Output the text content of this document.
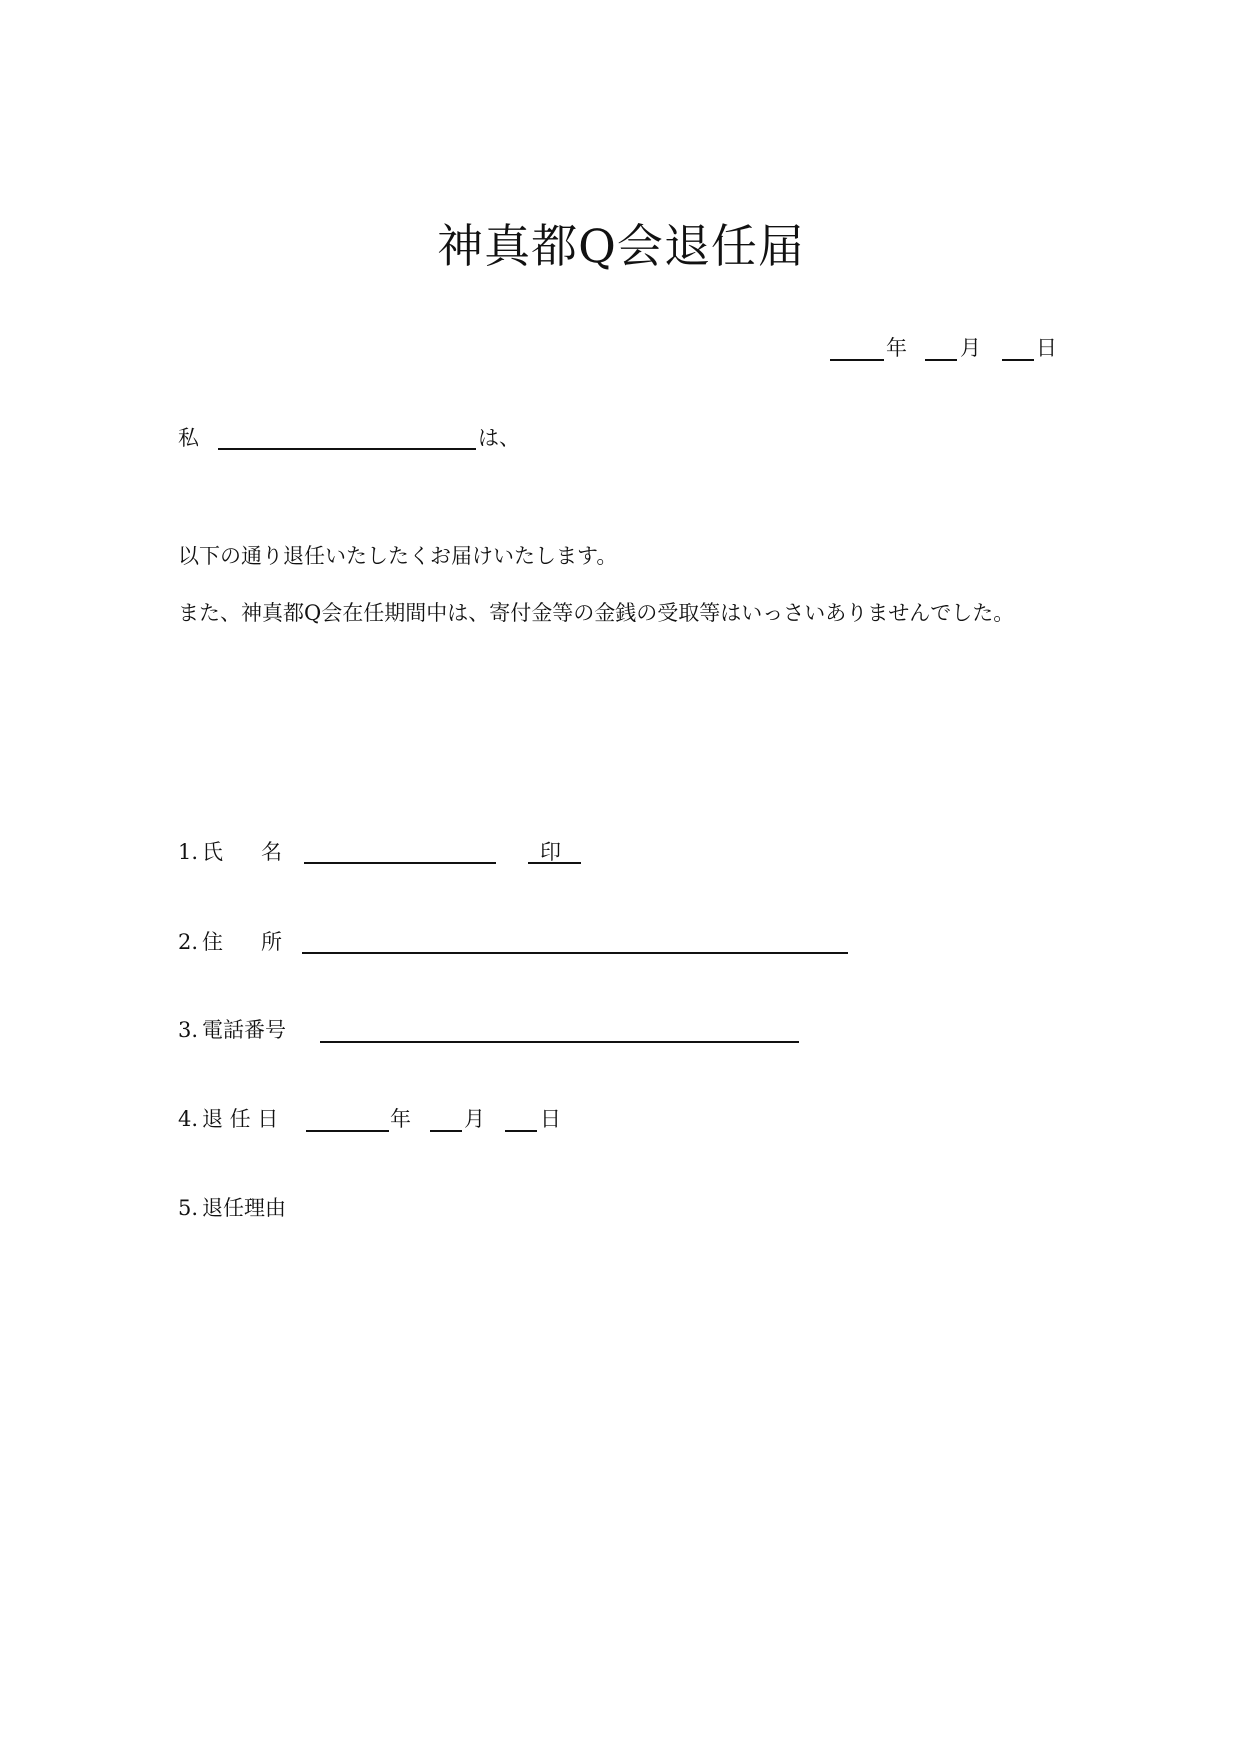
神真都Q会退任届
年	月	日
私	は、
以下の通り退任いたしたくお届けいたします。
また、神真都Q会在任期間中は、寄付金等の金銭の受取等はいっさいありませんでした。
1. 氏 名	印
2. 住 所
3. 電話番号
4. 退 任 日	年	月	日
5. 退任理由
